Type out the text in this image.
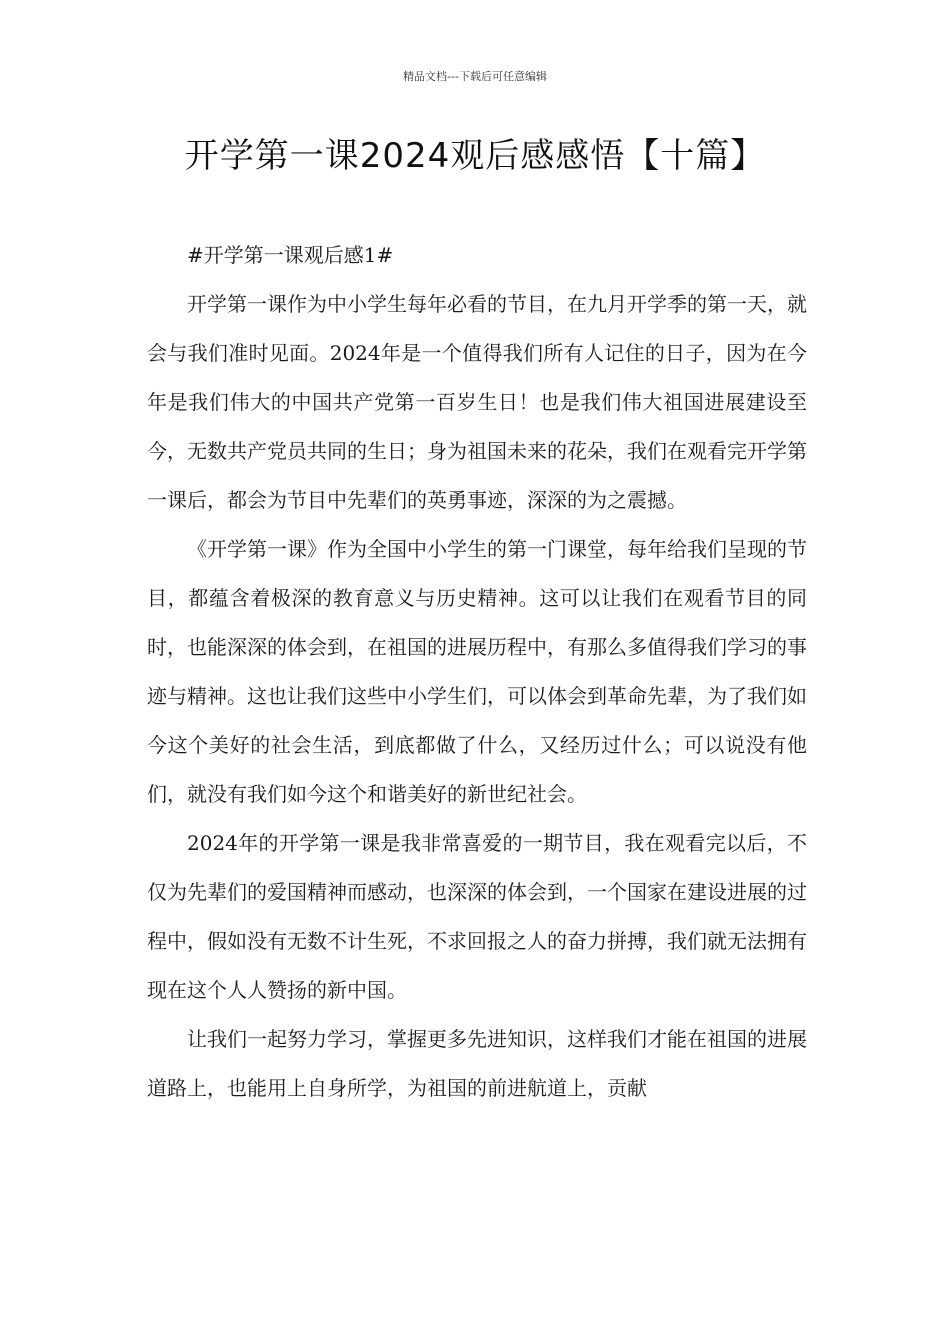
精品文档---下载后可任意编辑
开学第一课2024观后感感悟【十篇】

#开学第一课观后感1#

开学第一课作为中小学生每年必看的节目，在九月开学季的第一天，就会与我们准时见面。2024年是一个值得我们所有人记住的日子，因为在今年是我们伟大的中国共产党第一百岁生日！也是我们伟大祖国进展建设至今，无数共产党员共同的生日；身为祖国未来的花朵，我们在观看完开学第一课后，都会为节目中先辈们的英勇事迹，深深的为之震撼。

《开学第一课》作为全国中小学生的第一门课堂，每年给我们呈现的节目，都蕴含着极深的教育意义与历史精神。这可以让我们在观看节目的同时，也能深深的体会到，在祖国的进展历程中，有那么多值得我们学习的事迹与精神。这也让我们这些中小学生们，可以体会到革命先辈，为了我们如今这个美好的社会生活，到底都做了什么，又经历过什么；可以说没有他们，就没有我们如今这个和谐美好的新世纪社会。

2024年的开学第一课是我非常喜爱的一期节目，我在观看完以后，不仅为先辈们的爱国精神而感动，也深深的体会到，一个国家在建设进展的过程中，假如没有无数不计生死，不求回报之人的奋力拼搏，我们就无法拥有现在这个人人赞扬的新中国。

让我们一起努力学习，掌握更多先进知识，这样我们才能在祖国的进展道路上，也能用上自身所学，为祖国的前进航道上，贡献
